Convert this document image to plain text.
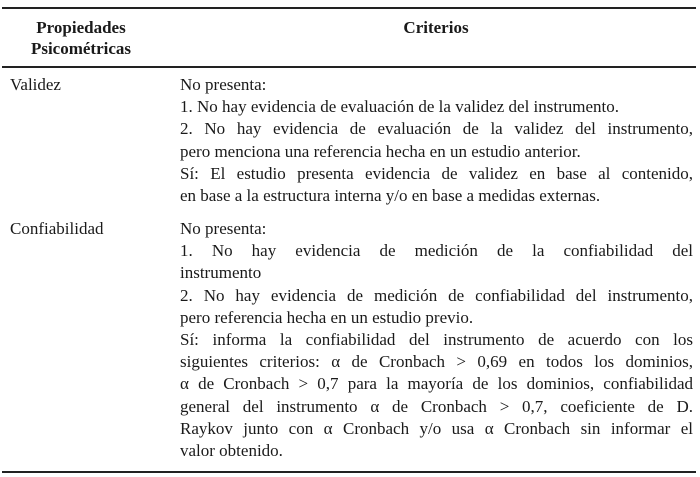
Propiedades
Psicométricas
Criterios
Validez	No presenta:
1. No hay evidencia de evaluación de la validez del instrumento.
2. No hay evidencia de evaluación de la validez del instrumento,
pero menciona una referencia hecha en un estudio anterior.
Sí: El estudio presenta evidencia de validez en base al contenido,
en base a la estructura interna y/o en base a medidas externas.
Confiabilidad	No presenta:
1. No hay evidencia de medición de la confiabilidad del
instrumento
2. No hay evidencia de medición de confiabilidad del instrumento,
pero referencia hecha en un estudio previo.
Sí: informa la confiabilidad del instrumento de acuerdo con los
siguientes criterios: α de Cronbach > 0,69 en todos los dominios,
α de Cronbach > 0,7 para la mayoría de los dominios, confiabilidad
general del instrumento α de Cronbach > 0,7, coeficiente de D.
Raykov junto con α Cronbach y/o usa α Cronbach sin informar el
valor obtenido.
